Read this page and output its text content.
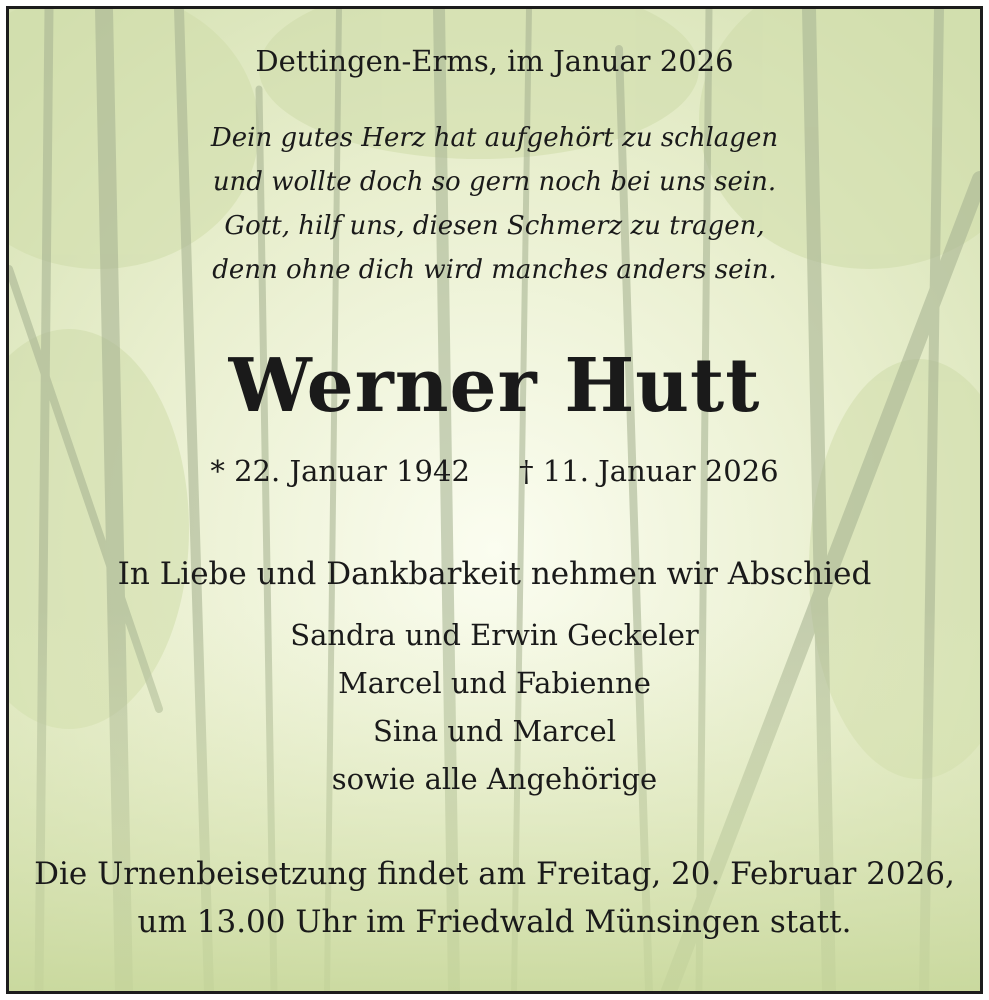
Dettingen-Erms, im Januar 2026
Dein gutes Herz hat aufgehört zu schlagen
und wollte doch so gern noch bei uns sein.
Gott, hilf uns, diesen Schmerz zu tragen,
denn ohne dich wird manches anders sein.
Werner Hutt
* 22. Januar 1942 † 11. Januar 2026
In Liebe und Dankbarkeit nehmen wir Abschied
Sandra und Erwin Geckeler
Marcel und Fabienne
Sina und Marcel
sowie alle Angehörige
Die Urnenbeisetzung findet am Freitag, 20. Februar 2026,
um 13.00 Uhr im Friedwald Münsingen statt.
